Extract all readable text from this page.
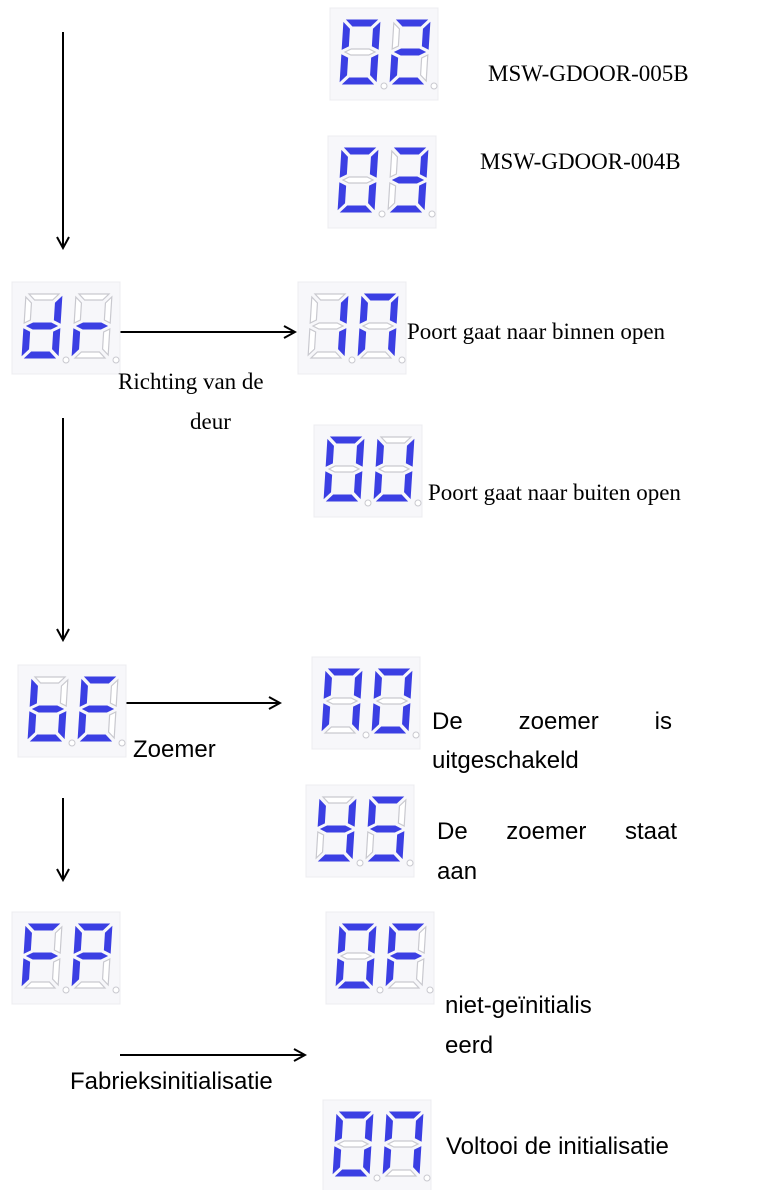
MSW-GDOOR-005B
MSW-GDOOR-004B
Richting van de
deur
Poort gaat naar binnen open
Poort gaat naar buiten open
Zoemer
De zoemer is
uitgeschakeld
De zoemer staat
aan
Fabrieksinitialisatie
niet-geïnitialis
eerd
Voltooi de initialisatie
